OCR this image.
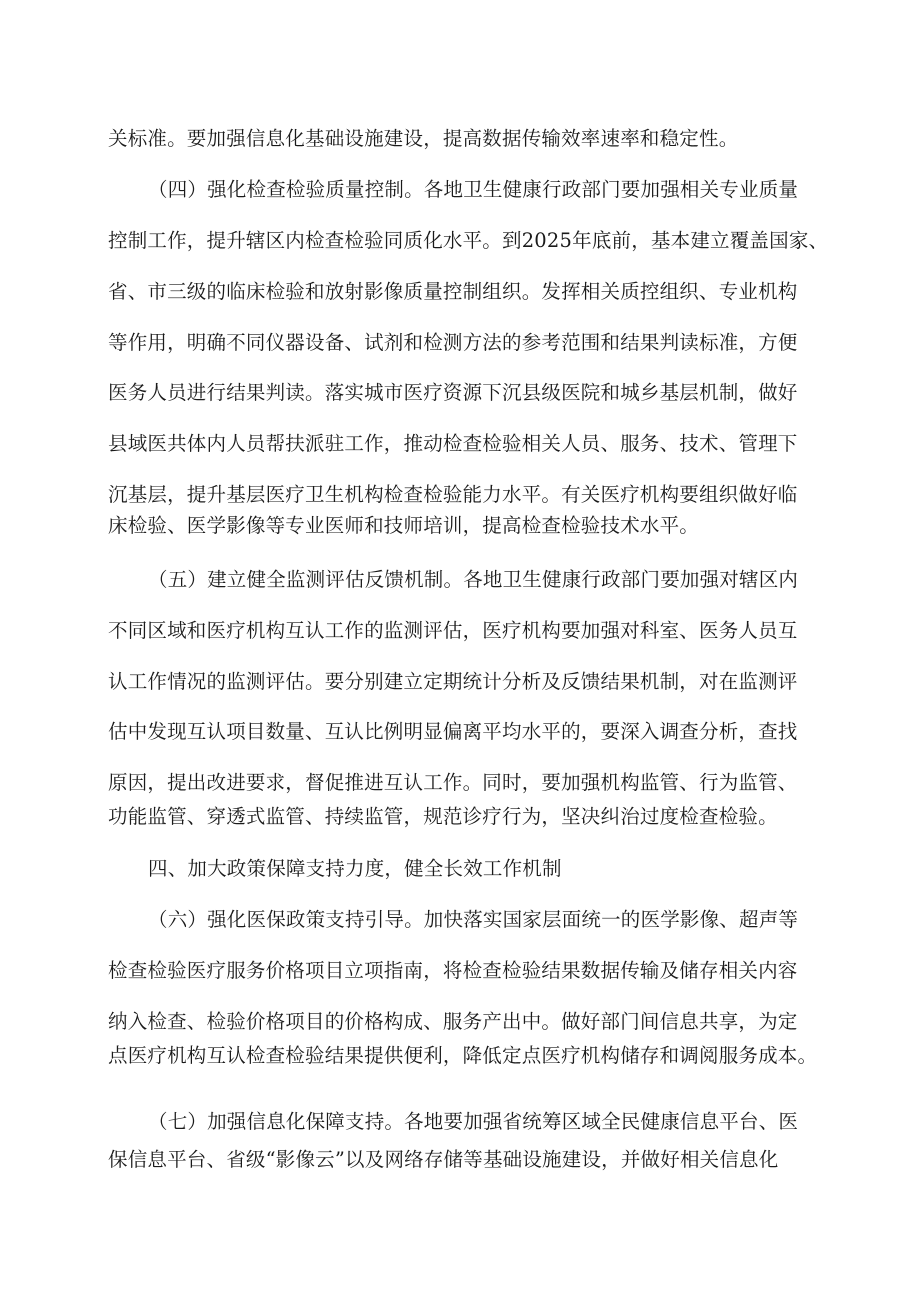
关标准。要加强信息化基础设施建设，提高数据传输效率速率和稳定性。
（四）强化检查检验质量控制。各地卫生健康行政部门要加强相关专业质量
控制工作，提升辖区内检查检验同质化水平。到2025年底前，基本建立覆盖国家、
省、市三级的临床检验和放射影像质量控制组织。发挥相关质控组织、专业机构
等作用，明确不同仪器设备、试剂和检测方法的参考范围和结果判读标准，方便
医务人员进行结果判读。落实城市医疗资源下沉县级医院和城乡基层机制，做好
县域医共体内人员帮扶派驻工作，推动检查检验相关人员、服务、技术、管理下
沉基层，提升基层医疗卫生机构检查检验能力水平。有关医疗机构要组织做好临
床检验、医学影像等专业医师和技师培训，提高检查检验技术水平。
（五）建立健全监测评估反馈机制。各地卫生健康行政部门要加强对辖区内
不同区域和医疗机构互认工作的监测评估，医疗机构要加强对科室、医务人员互
认工作情况的监测评估。要分别建立定期统计分析及反馈结果机制，对在监测评
估中发现互认项目数量、互认比例明显偏离平均水平的，要深入调查分析，查找
原因，提出改进要求，督促推进互认工作。同时，要加强机构监管、行为监管、
功能监管、穿透式监管、持续监管，规范诊疗行为，坚决纠治过度检查检验。
四、加大政策保障支持力度，健全长效工作机制
（六）强化医保政策支持引导。加快落实国家层面统一的医学影像、超声等
检查检验医疗服务价格项目立项指南，将检查检验结果数据传输及储存相关内容
纳入检查、检验价格项目的价格构成、服务产出中。做好部门间信息共享，为定
点医疗机构互认检查检验结果提供便利，降低定点医疗机构储存和调阅服务成本。
（七）加强信息化保障支持。各地要加强省统筹区域全民健康信息平台、医
保信息平台、省级“影像云”以及网络存储等基础设施建设，并做好相关信息化
